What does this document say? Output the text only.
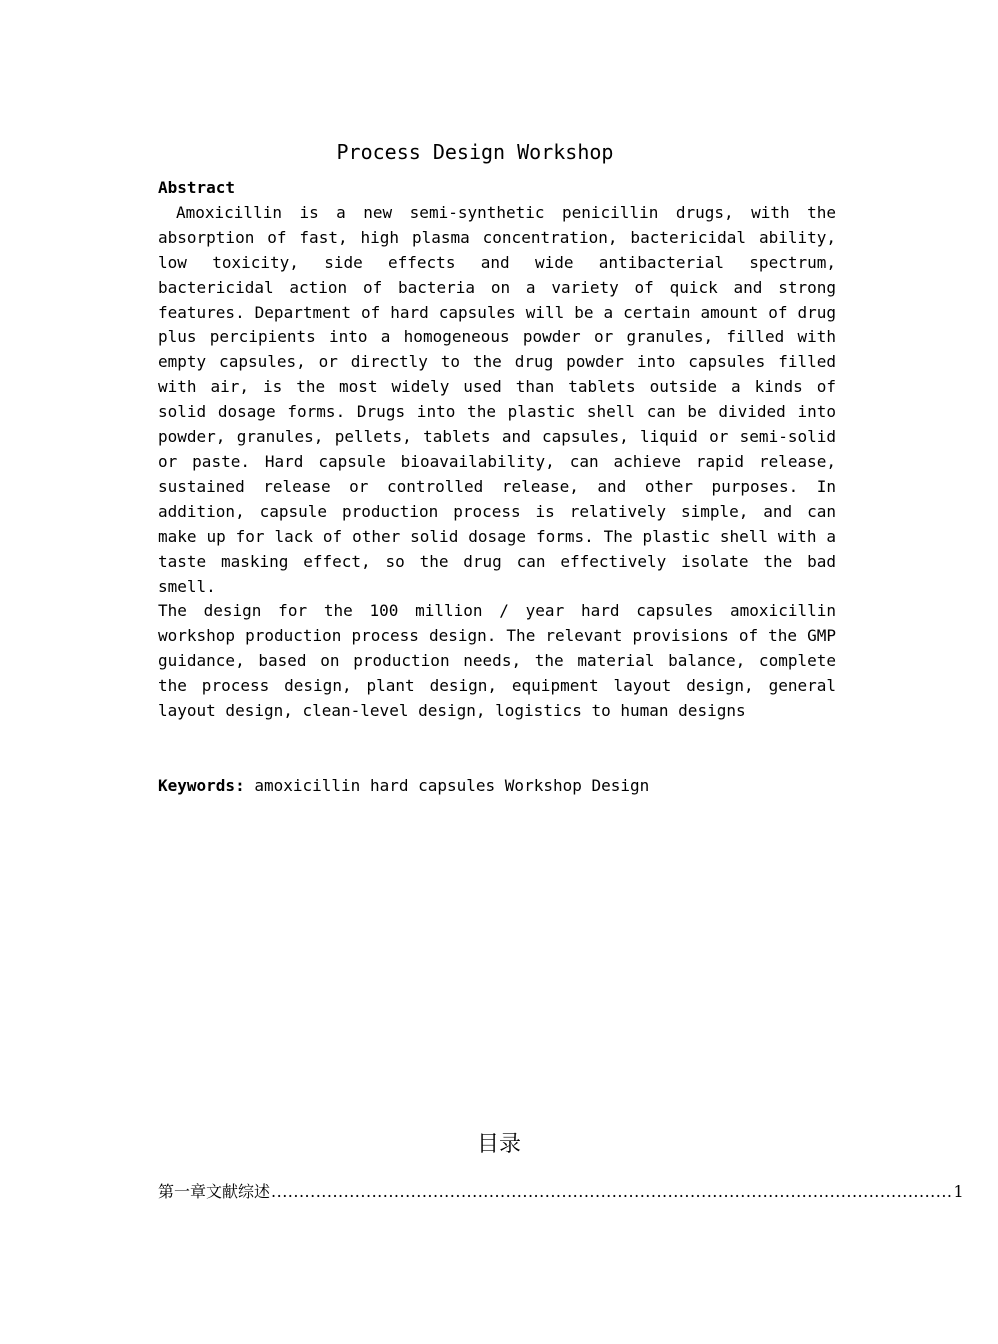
Process Design Workshop
Abstract

Amoxicillin is a new semi-synthetic penicillin drugs, with the absorption of fast, high plasma concentration, bactericidal ability, low toxicity, side effects and wide antibacterial spectrum, bactericidal action of bacteria on a variety of quick and strong features. Department of hard capsules will be a certain amount of drug plus percipients into a homogeneous powder or granules, filled with empty capsules, or directly to the drug powder into capsules filled with air, is the most widely used than tablets outside a kinds of solid dosage forms. Drugs into the plastic shell can be divided into powder, granules, pellets, tablets and capsules, liquid or semi-solid or paste. Hard capsule bioavailability, can achieve rapid release, sustained release or controlled release, and other purposes. In addition, capsule production process is relatively simple, and can make up for lack of other solid dosage forms. The plastic shell with a taste masking effect, so the drug can effectively isolate the bad smell.

The design for the 100 million / year hard capsules amoxicillin workshop production process design. The relevant provisions of the GMP guidance, based on production needs, the material balance, complete the process design, plant design, equipment layout design, general layout design, clean-level design, logistics to human designs

Keywords: amoxicillin hard capsules Workshop Design
目录
第一章文献综述 .......................................................................................................................... 1
